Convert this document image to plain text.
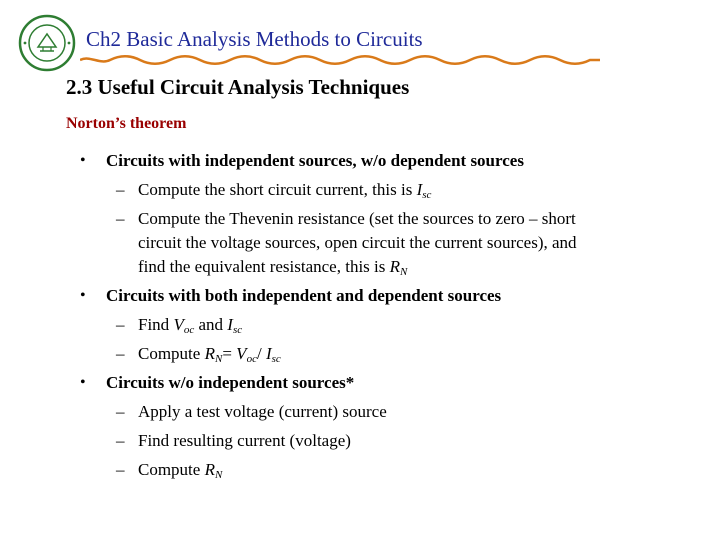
Ch2 Basic Analysis Methods to Circuits
2.3 Useful Circuit Analysis Techniques
Norton’s theorem
• Circuits with independent sources, w/o dependent sources
– Compute the short circuit current, this is $I_{sc}$
– Compute the Thevenin resistance (set the sources to zero – short
circuit the voltage sources, open circuit the current sources), and
find the equivalent resistance, this is $R_N$
• Circuits with both independent and dependent sources
– Find $V_{oc}$ and $I_{sc}$
– Compute $R_N= V_{oc}/$ $I_{sc}$
• Circuits w/o independent sources*
– Apply a test voltage (current) source
– Find resulting current (voltage)
– Compute $R_N$
